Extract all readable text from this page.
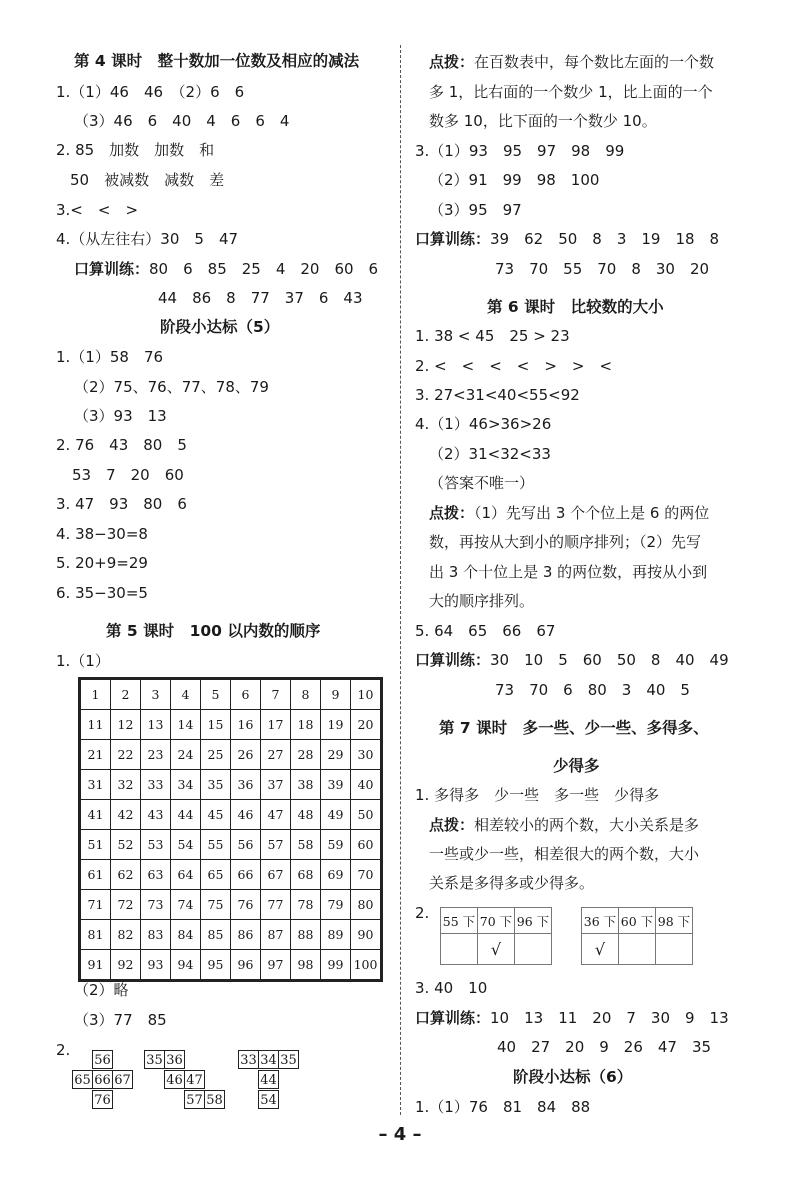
第 4 课时　整十数加一位数及相应的减法
1.（1）46　46　（2）6　6
（3）46　6　40　4　6　6　4
2. 85　加数　加数　和
50　被减数　减数　差
3.<　<　>
4.（从左往右）30　5　47
口算训练：80　6　85　25　4　20　60　6
44　86　8　77　37　6　43
阶段小达标（5）
1.（1）58　76
（2）75、76、77、78、79
（3）93　13
2. 76　43　80　5
53　7　20　60
3. 47　93　80　6
4. 38−30=8
5. 20+9=29
6. 35−30=5
第 5 课时　100 以内数的顺序
1.（1）
1	2	3	4	5	6	7	8	9	10
11	12	13	14	15	16	17	18	19	20
21	22	23	24	25	26	27	28	29	30
31	32	33	34	35	36	37	38	39	40
41	42	43	44	45	46	47	48	49	50
51	52	53	54	55	56	57	58	59	60
61	62	63	64	65	66	67	68	69	70
71	72	73	74	75	76	77	78	79	80
81	82	83	84	85	86	87	88	89	90
91	92	93	94	95	96	97	98	99	100
（2）略
（3）77　85
2.
56
65 66 67
76
35 36
46 47
57 58
33 34 35
44
54
点拨：在百数表中，每个数比左面的一个数
多 1，比右面的一个数少 1，比上面的一个
数多 10，比下面的一个数少 10。
3.（1）93　95　97　98　99
（2）91　99　98　100
（3）95　97
口算训练：39　62　50　8　3　19　18　8
73　70　55　70　8　30　20
第 6 课时　比较数的大小
1. 38 < 45　25 > 23
2. <　<　<　<　>　>　<
3. 27<31<40<55<92
4.（1）46>36>26
（2）31<32<33
（答案不唯一）
点拨：（1）先写出 3 个个位上是 6 的两位
数，再按从大到小的顺序排列；（2）先写
出 3 个十位上是 3 的两位数，再按从小到
大的顺序排列。
5. 64　65　66　67
口算训练：30　10　5　60　50　8　40　49
73　70　6　80　3　40　5
第 7 课时　多一些、少一些、多得多、
少得多
1. 多得多　少一些　多一些　少得多
点拨：相差较小的两个数，大小关系是多
一些或少一些，相差很大的两个数，大小
关系是多得多或少得多。
2. 55 下	70 下	96 下
	√	
36 下	60 下	98 下
√		
3. 40　10
口算训练：10　13　11　20　7　30　9　13
40　27　20　9　26　47　35
阶段小达标（6）
1.（1）76　81　84　88
– 4 –
